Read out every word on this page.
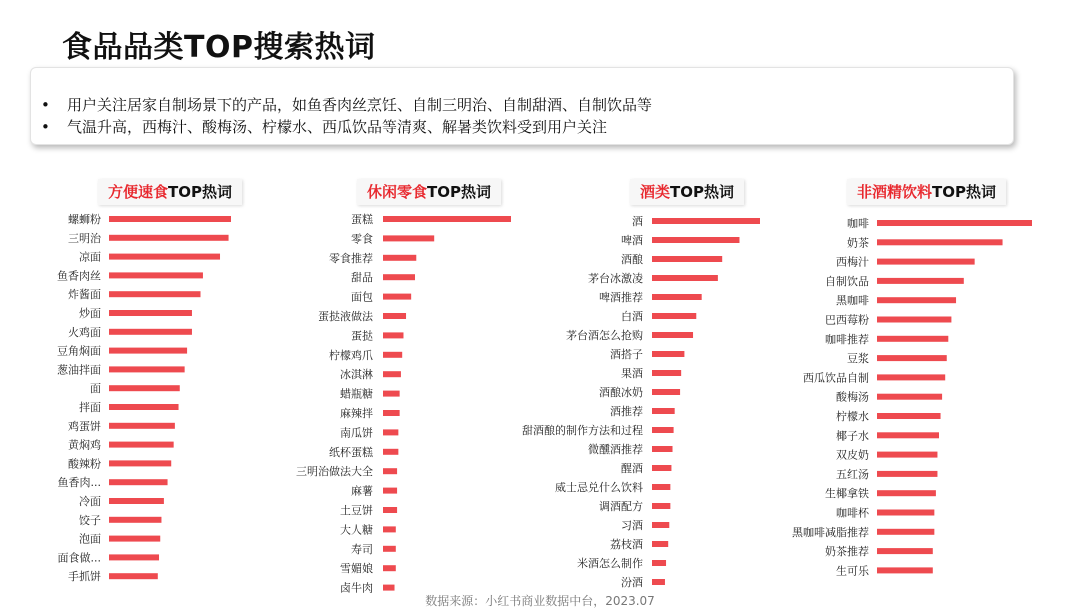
食品品类TOP搜索热词
• 用户关注居家自制场景下的产品，如鱼香肉丝烹饪、自制三明治、自制甜酒、自制饮品等
• 气温升高，西梅汁、酸梅汤、柠檬水、西瓜饮品等清爽、解暑类饮料受到用户关注
方便速食TOP热词
螺蛳粉
三明治
凉面
鱼香肉丝
炸酱面
炒面
火鸡面
豆角焖面
葱油拌面
面
拌面
鸡蛋饼
黄焖鸡
酸辣粉
鱼香肉...
冷面
饺子
泡面
面食做...
手抓饼
休闲零食TOP热词
蛋糕
零食
零食推荐
甜品
面包
蛋挞液做法
蛋挞
柠檬鸡爪
冰淇淋
蜡瓶糖
麻辣拌
南瓜饼
纸杯蛋糕
三明治做法大全
麻薯
土豆饼
大人糖
寿司
雪媚娘
卤牛肉
酒类TOP热词
酒
啤酒
酒酿
茅台冰激凌
啤酒推荐
白酒
茅台酒怎么抢购
酒搭子
果酒
酒酿冰奶
酒推荐
甜酒酿的制作方法和过程
微醺酒推荐
醒酒
威士忌兑什么饮料
调酒配方
习酒
荔枝酒
米酒怎么制作
汾酒
非酒精饮料TOP热词
咖啡
奶茶
西梅汁
自制饮品
黑咖啡
巴西莓粉
咖啡推荐
豆浆
西瓜饮品自制
酸梅汤
柠檬水
椰子水
双皮奶
五红汤
生椰拿铁
咖啡杯
黑咖啡减脂推荐
奶茶推荐
生可乐
数据来源：小红书商业数据中台，2023.07
